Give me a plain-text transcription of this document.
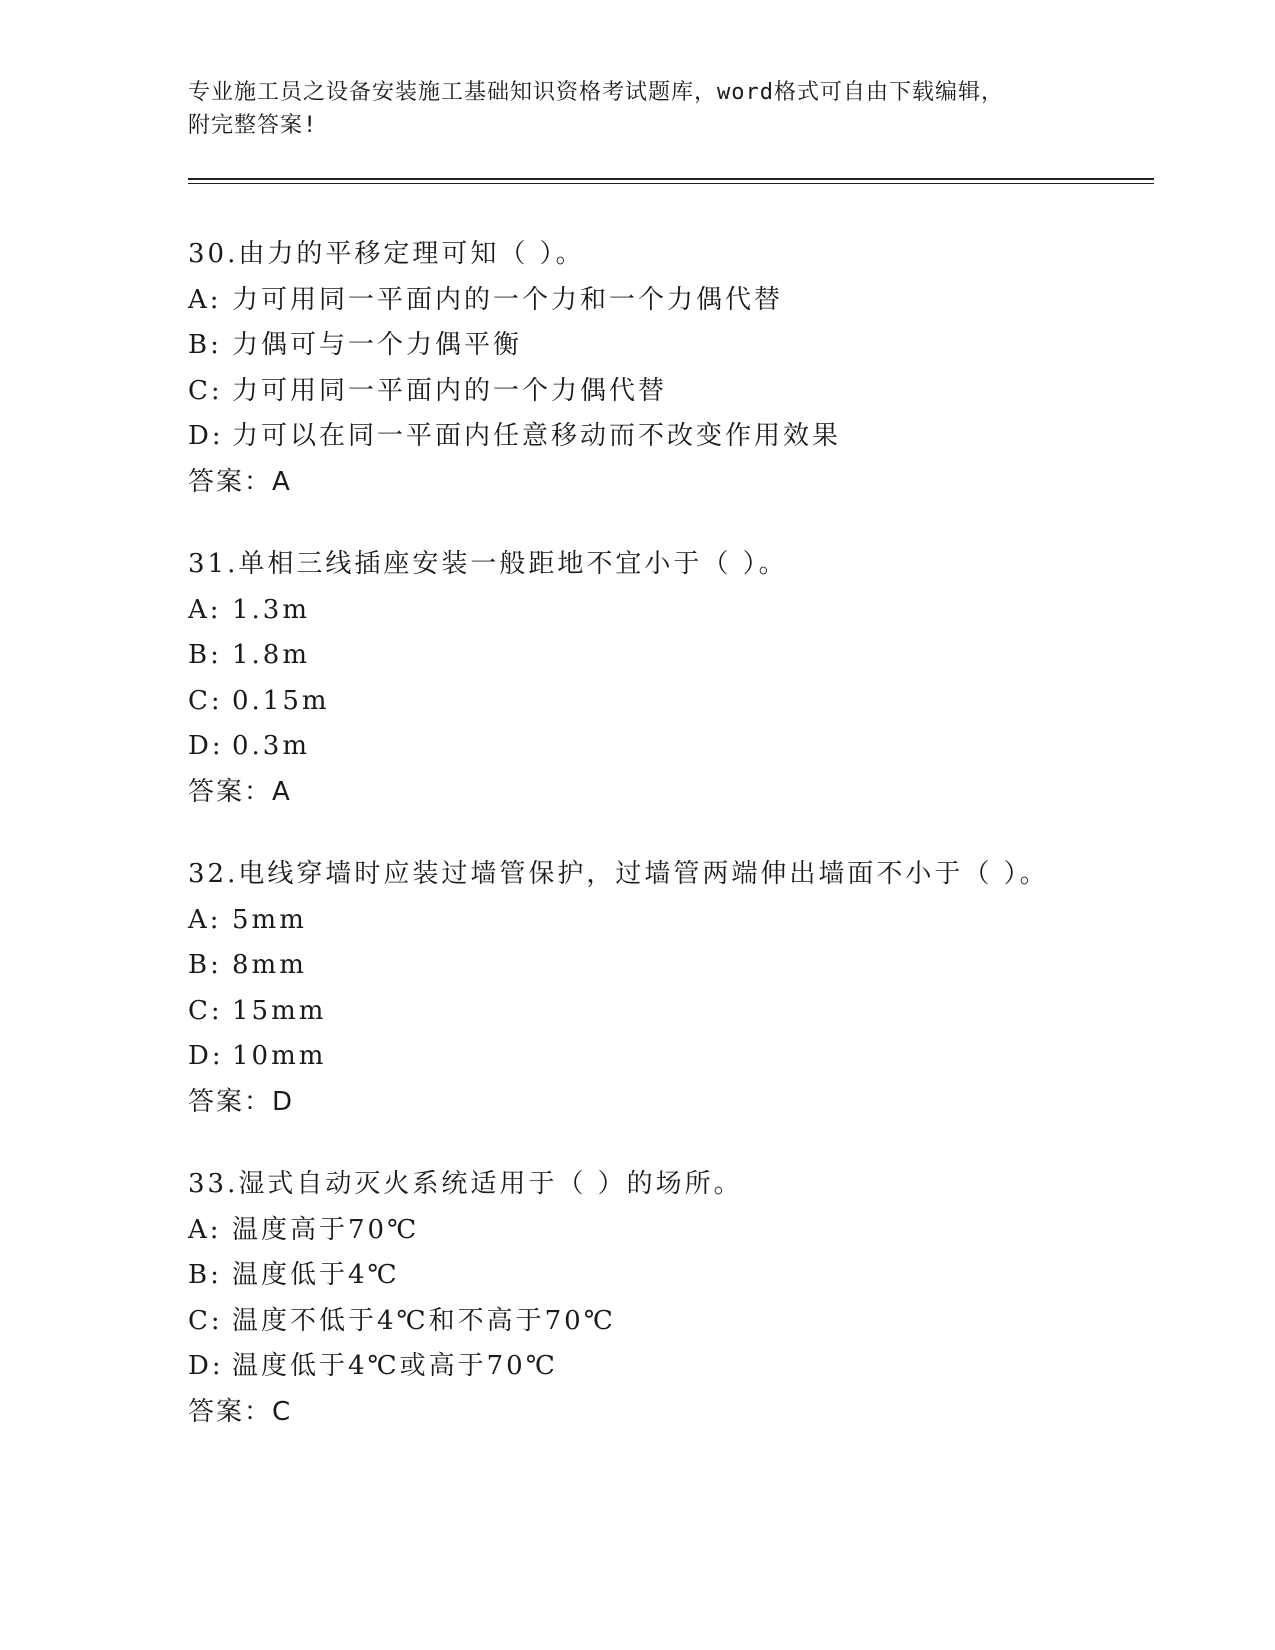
专业施工员之设备安装施工基础知识资格考试题库，word格式可自由下载编辑，
附完整答案!
30.由力的平移定理可知（ ）。
A: 力可用同一平面内的一个力和一个力偶代替
B: 力偶可与一个力偶平衡
C: 力可用同一平面内的一个力偶代替
D: 力可以在同一平面内任意移动而不改变作用效果
答案：A
31.单相三线插座安装一般距地不宜小于（ ）。
A: 1.3m
B: 1.8m
C: 0.15m
D: 0.3m
答案：A
32.电线穿墙时应装过墙管保护，过墙管两端伸出墙面不小于（ ）。
A: 5mm
B: 8mm
C: 15mm
D: 10mm
答案：D
33.湿式自动灭火系统适用于（ ）的场所。
A: 温度高于70℃
B: 温度低于4℃
C: 温度不低于4℃和不高于70℃
D: 温度低于4℃或高于70℃
答案：C
